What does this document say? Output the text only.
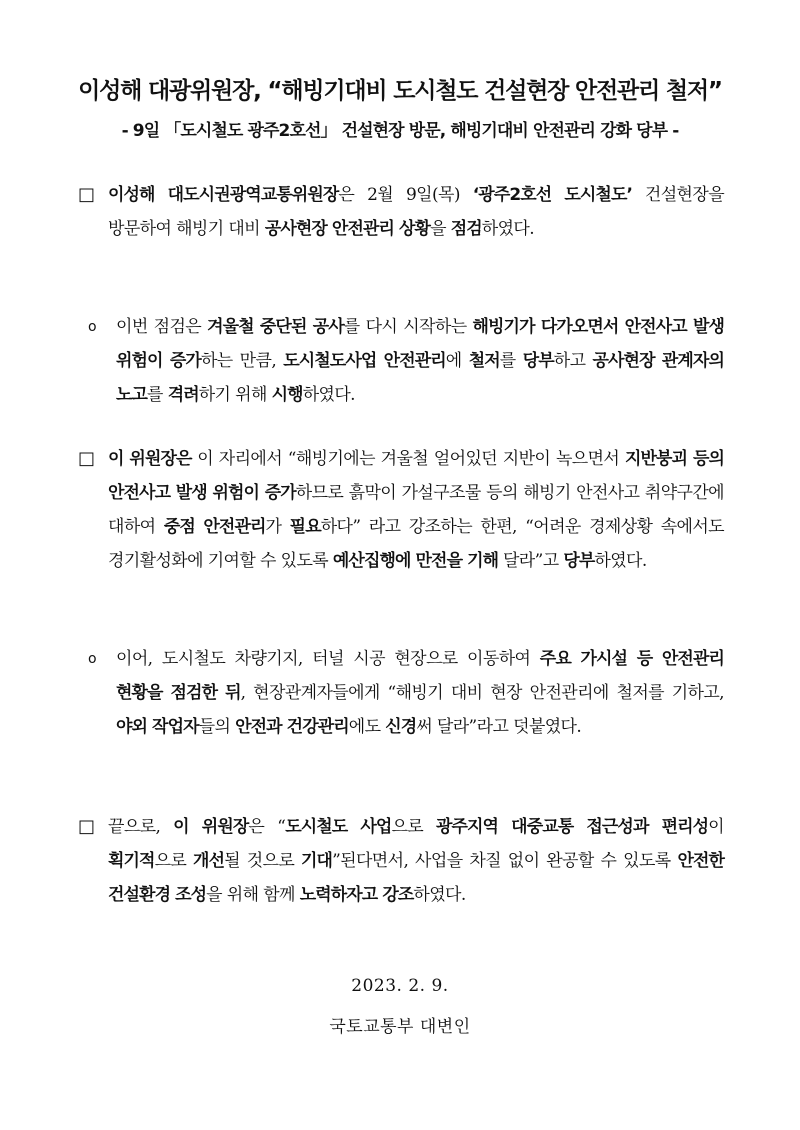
이성해 대광위원장, “해빙기대비 도시철도 건설현장 안전관리 철저”
- 9일 「도시철도 광주2호선」 건설현장 방문, 해빙기대비 안전관리 강화 당부 -
□ 이성해 대도시권광역교통위원장은 2월 9일(목) ‘광주2호선 도시철도’ 건설현장을 방문하여 해빙기 대비 공사현장 안전관리 상황을 점검하였다.
ο	이번 점검은 겨울철 중단된 공사를 다시 시작하는 해빙기가 다가오면서 안전사고 발생 위험이 증가하는 만큼, 도시철도사업 안전관리에 철저를 당부하고 공사현장 관계자의 노고를 격려하기 위해 시행하였다.
□ 이 위원장은 이 자리에서 “해빙기에는 겨울철 얼어있던 지반이 녹으면서 지반붕괴 등의 안전사고 발생 위험이 증가하므로 흙막이 가설구조물 등의 해빙기 안전사고 취약구간에 대하여 중점 안전관리가 필요하다” 라고 강조하는 한편, “어려운 경제상황 속에서도 경기활성화에 기여할 수 있도록 예산집행에 만전을 기해 달라”고 당부하였다.
ο	이어, 도시철도 차량기지, 터널 시공 현장으로 이동하여 주요 가시설 등 안전관리 현황을 점검한 뒤, 현장관계자들에게 “해빙기 대비 현장 안전관리에 철저를 기하고, 야외 작업자들의 안전과 건강관리에도 신경써 달라”라고 덧붙였다.
□ 끝으로, 이 위원장은 “도시철도 사업으로 광주지역 대중교통 접근성과 편리성이 획기적으로 개선될 것으로 기대”된다면서, 사업을 차질 없이 완공할 수 있도록 안전한 건설환경 조성을 위해 함께 노력하자고 강조하였다.
2023. 2. 9.
국토교통부 대변인
